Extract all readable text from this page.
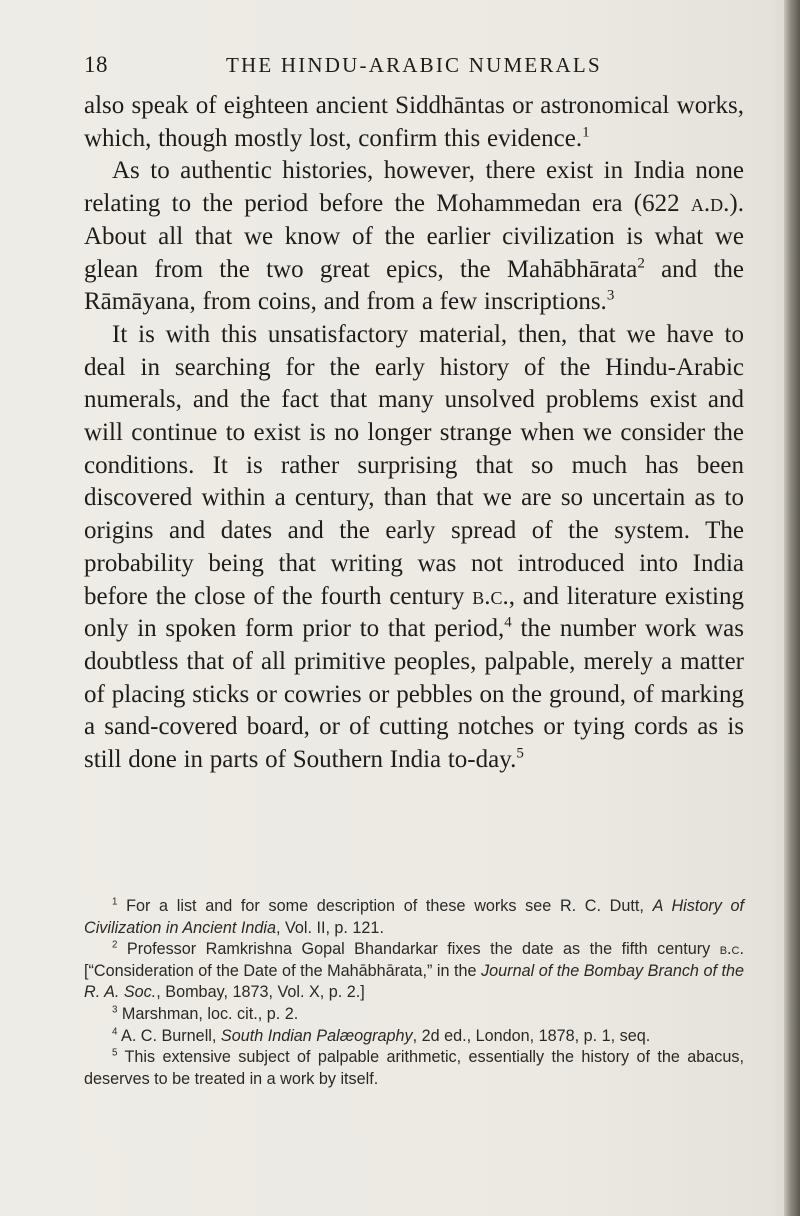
18	THE HINDU-ARABIC NUMERALS

also speak of eighteen ancient Siddhāntas or astronomical works, which, though mostly lost, confirm this evidence.$^1$

As to authentic histories, however, there exist in India none relating to the period before the Mohammedan era (622 a.d.). About all that we know of the earlier civilization is what we glean from the two great epics, the Mahābhārata$^2$ and the Rāmāyana, from coins, and from a few inscriptions.$^3$

It is with this unsatisfactory material, then, that we have to deal in searching for the early history of the Hindu-Arabic numerals, and the fact that many unsolved problems exist and will continue to exist is no longer strange when we consider the conditions. It is rather surprising that so much has been discovered within a century, than that we are so uncertain as to origins and dates and the early spread of the system. The probability being that writing was not introduced into India before the close of the fourth century b.c., and literature existing only in spoken form prior to that period,$^4$ the number work was doubtless that of all primitive peoples, palpable, merely a matter of placing sticks or cowries or pebbles on the ground, of marking a sand-covered board, or of cutting notches or tying cords as is still done in parts of Southern India to-day.$^5$

$^1$ For a list and for some description of these works see R. C. Dutt, A History of Civilization in Ancient India, Vol. II, p. 121.

$^2$ Professor Ramkrishna Gopal Bhandarkar fixes the date as the fifth century b.c. [“Consideration of the Date of the Mahābhārata,” in the Journal of the Bombay Branch of the R. A. Soc., Bombay, 1873, Vol. X, p. 2.]

$^3$ Marshman, loc. cit., p. 2.

$^4$ A. C. Burnell, South Indian Palæography, 2d ed., London, 1878, p. 1, seq.

$^5$ This extensive subject of palpable arithmetic, essentially the history of the abacus, deserves to be treated in a work by itself.
